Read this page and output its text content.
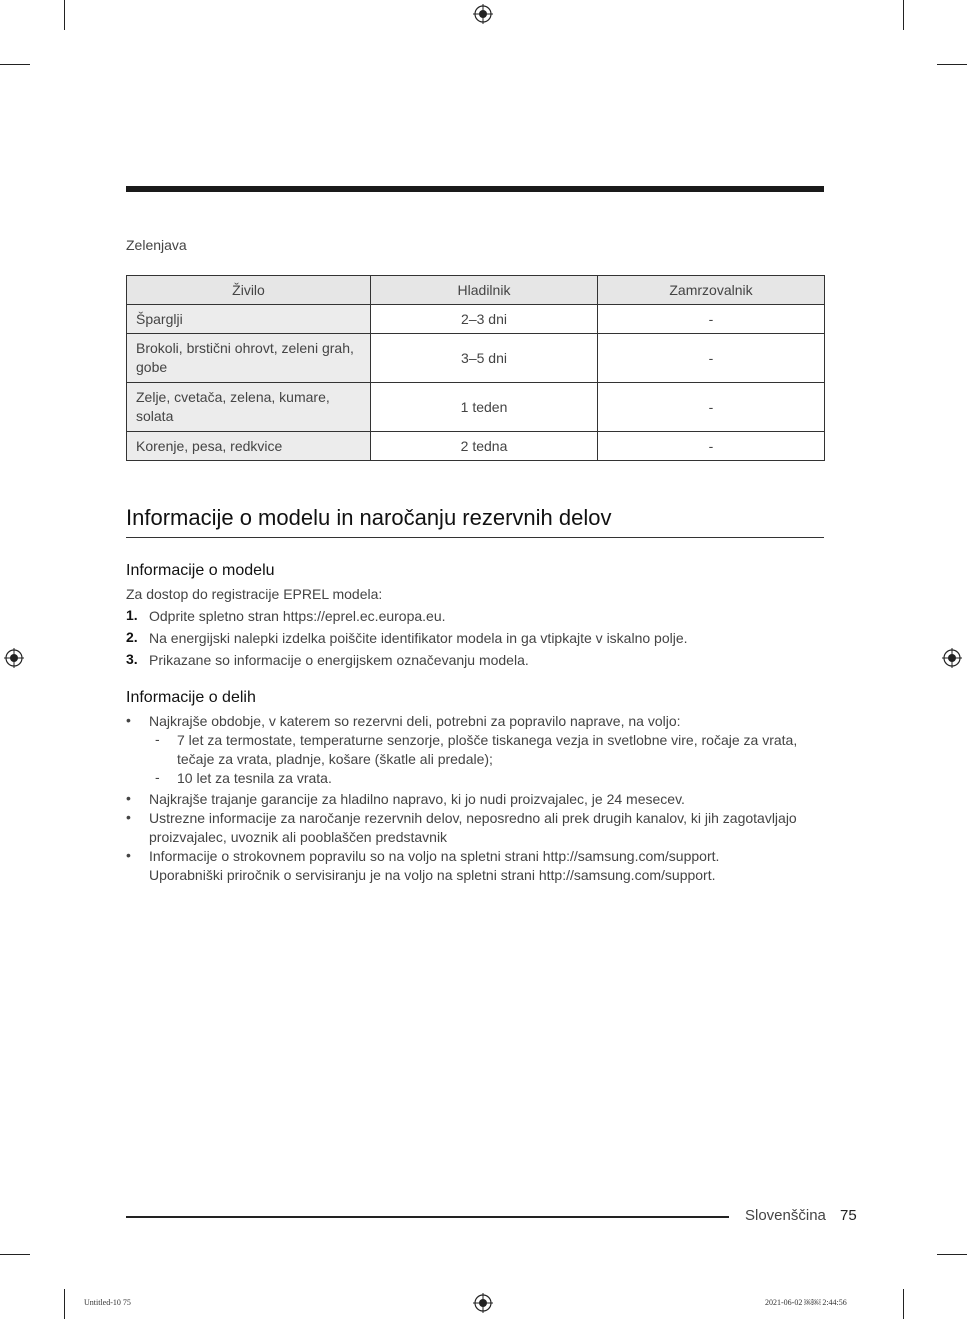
Zelenjava
Živilo	Hladilnik	Zamrzovalnik
Šparglji	2–3 dni	-
Brokoli, brstični ohrovt, zeleni grah, gobe	3–5 dni	-
Zelje, cvetača, zelena, kumare, solata	1 teden	-
Korenje, pesa, redkvice	2 tedna	-
Informacije o modelu in naročanju rezervnih delov
Informacije o modelu
Za dostop do registracije EPREL modela:
1. Odprite spletno stran https://eprel.ec.europa.eu.
2. Na energijski nalepki izdelka poiščite identifikator modela in ga vtipkajte v iskalno polje.
3. Prikazane so informacije o energijskem označevanju modela.
Informacije o delih
• Najkrajše obdobje, v katerem so rezervni deli, potrebni za popravilo naprave, na voljo:
- 7 let za termostate, temperaturne senzorje, plošče tiskanega vezja in svetlobne vire, ročaje za vrata, tečaje za vrata, pladnje, košare (škatle ali predale);
- 10 let za tesnila za vrata.
• Najkrajše trajanje garancije za hladilno napravo, ki jo nudi proizvajalec, je 24 mesecev.
• Ustrezne informacije za naročanje rezervnih delov, neposredno ali prek drugih kanalov, ki jih zagotavljajo proizvajalec, uvoznik ali pooblaščen predstavnik
• Informacije o strokovnem popravilu so na voljo na spletni strani http://samsung.com/support.
Uporabniški priročnik o servisiranju je na voljo na spletni strani http://samsung.com/support.
Slovenščina 75
Untitled-10 75	2021-06-02 ￼￼ 2:44:56
